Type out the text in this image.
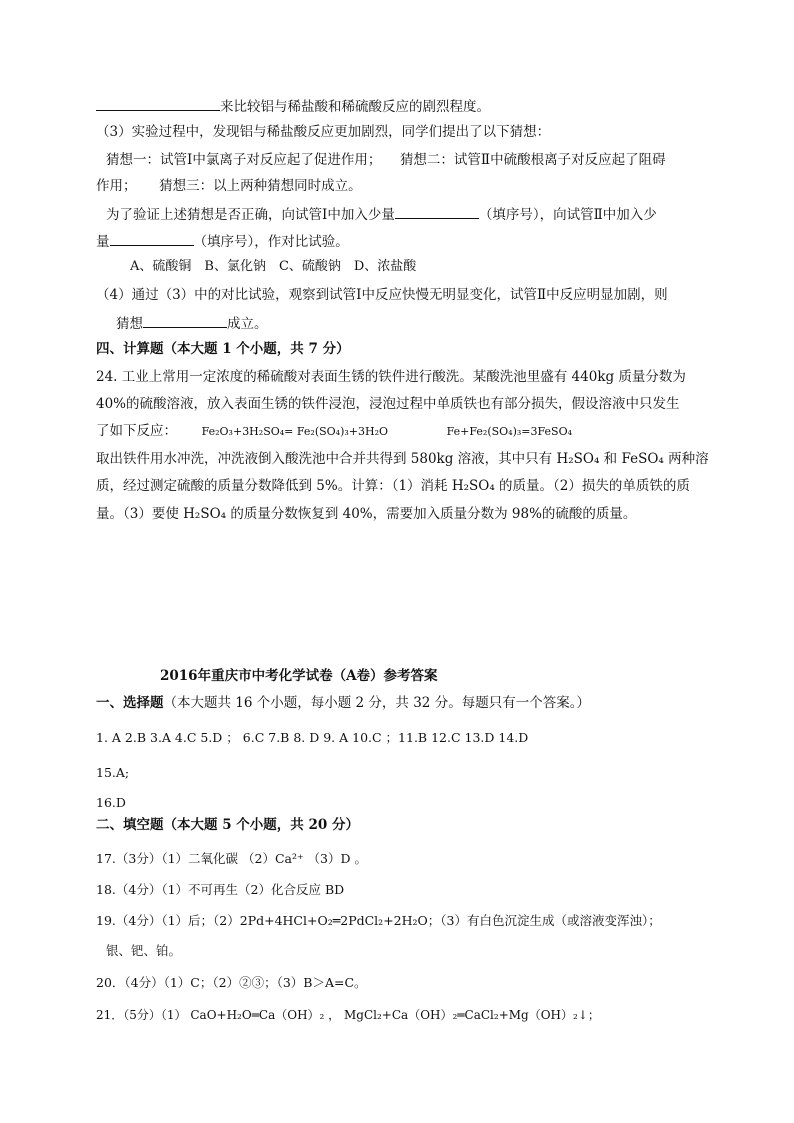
来比较铝与稀盐酸和稀硫酸反应的剧烈程度。
（3）实验过程中，发现铝与稀盐酸反应更加剧烈，同学们提出了以下猜想：
猜想一：试管Ⅰ中氯离子对反应起了促进作用； 猜想二：试管Ⅱ中硫酸根离子对反应起了阻碍
作用； 猜想三：以上两种猜想同时成立。
为了验证上述猜想是否正确，向试管Ⅰ中加入少量	（填序号），向试管Ⅱ中加入少
量	（填序号），作对比试验。
A、硫酸铜　B、氯化钠　C、硫酸钠　D、浓盐酸
（4）通过（3）中的对比试验，观察到试管Ⅰ中反应快慢无明显变化，试管Ⅱ中反应明显加剧，则
猜想	成立。
四、计算题（本大题 1 个小题，共 7 分）
24. 工业上常用一定浓度的稀硫酸对表面生锈的铁件进行酸洗。某酸洗池里盛有 440kg 质量分数为
40%的硫酸溶液，放入表面生锈的铁件浸泡，浸泡过程中单质铁也有部分损失，假设溶液中只发生
了如下反应： Fe₂O₃+3H₂SO₄= Fe₂(SO₄)₃+3H₂O	Fe+Fe₂(SO₄)₃=3FeSO₄
取出铁件用水冲洗，冲洗液倒入酸洗池中合并共得到 580kg 溶液，其中只有 H₂SO₄ 和 FeSO₄ 两种溶
质，经过测定硫酸的质量分数降低到 5%。计算：（1）消耗 H₂SO₄ 的质量。（2）损失的单质铁的质
量。（3）要使 H₂SO₄ 的质量分数恢复到 40%，需要加入质量分数为 98%的硫酸的质量。
2016年重庆市中考化学试卷（A卷）参考答案
一、选择题（本大题共 16 个小题，每小题 2 分，共 32 分。每题只有一个答案。）
1. A 2.B 3.A 4.C 5.D ； 6.C 7.B 8. D 9. A 10.C ；11.B 12.C 13.D 14.D
15.A;
16.D
二、填空题（本大题 5 个小题，共 20 分）
17.（3分）（1）二氧化碳 （2）Ca²⁺ （3）D 。
18.（4分）（1）不可再生（2）化合反应 BD
19.（4分）（1）后；（2）2Pd+4HCl+O₂═2PdCl₂+2H₂O；（3）有白色沉淀生成（或溶液变浑浊）；
银、钯、铂。
20．（4分）（1）C；（2）②③；（3）B＞A=C。
21．（5分）（1） CaO+H₂O═Ca（OH）₂ ， MgCl₂+Ca（OH）₂═CaCl₂+Mg（OH）₂↓；
